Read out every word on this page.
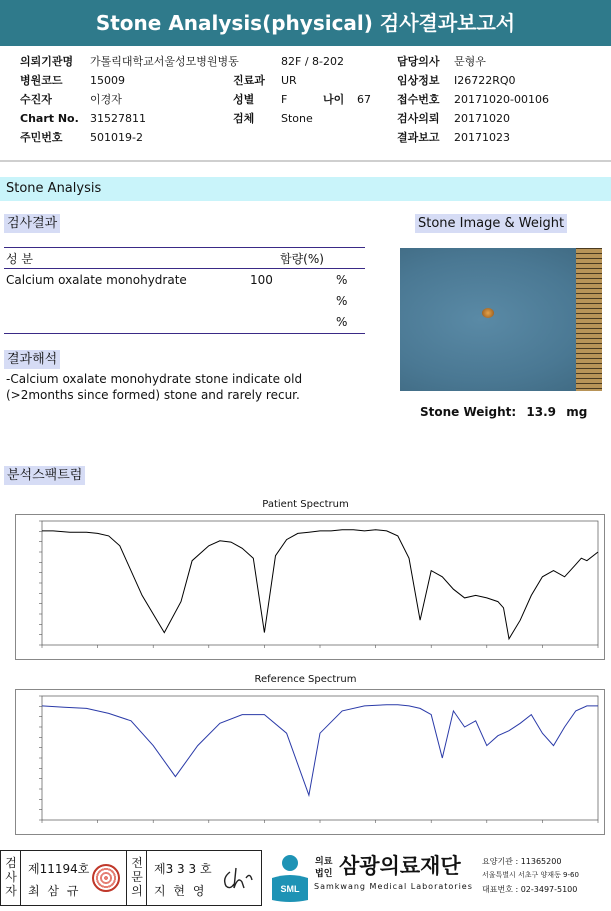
Stone Analysis(physical) 검사결과보고서
의뢰기관명 가톨릭대학교서울성모병원병동
병원코드 15009
수진자	이경자
Chart No. 31527811
주민번호 501019-2
82F / 8-202
진료과 UR
성별 F	나이 67
검체 Stone
담당의사 문형우
임상정보 I26722RQ0
접수번호 20171020-00106
검사의뢰 20171020
결과보고 20171023
Stone Analysis
검사결과
성 분	함량(%)
Calcium oxalate monohydrate	100	%
%
%
결과해석
-Calcium oxalate monohydrate stone indicate old
(>2months since formed) stone and rarely recur.
Stone Image & Weight
Stone Weight: 13.9 mg
분석스팩트럼
Patient Spectrum
Reference Spectrum
검사자
제11194호
최 삼 규
전문의
제3 3 3 호
지 현 영	SML
의료
법인 삼광의료재단
Samkwang Medical Laboratories
요양기관 : 11365200
서울특별시 서초구 양재동 9-60
대표번호 : 02-3497-5100
